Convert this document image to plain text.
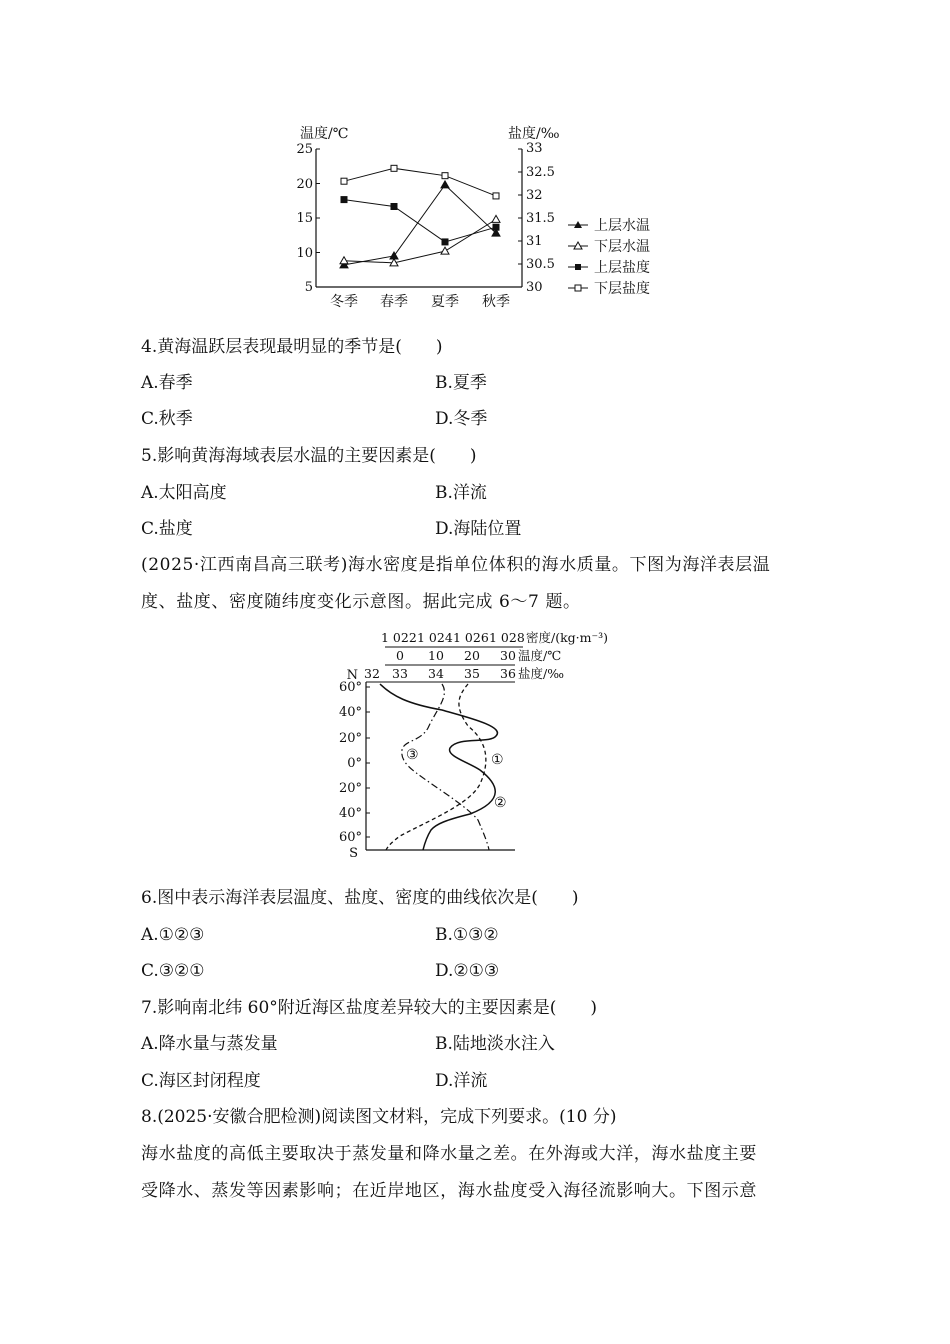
温度/℃	盐度/‰
25
20
15
10
5
33
32.5
32
31.5
31
30.5
30
冬季 春季 夏季 秋季
上层水温
下层水温
上层盐度
下层盐度
4.黄海温跃层表现最明显的季节是(　　)
A.春季	B.夏季
C.秋季	D.冬季
5.影响黄海海域表层水温的主要因素是(　　)
A.太阳高度	B.洋流
C.盐度	D.海陆位置
(2025·江西南昌高三联考)海水密度是指单位体积的海水质量。下图为海洋表层温
度、盐度、密度随纬度变化示意图。据此完成 6～7 题。
1 022 1 024 1 026 1 028 密度/(kg·m⁻³)
0 10 20 30 温度/℃
32 33 34 35 36 盐度/‰
N
60°
40°
20°
0°
20°
40°
60°
S
①
②
③
6.图中表示海洋表层温度、盐度、密度的曲线依次是(　　)
A.①②③	B.①③②
C.③②①	D.②①③
7.影响南北纬 60°附近海区盐度差异较大的主要因素是(　　)
A.降水量与蒸发量	B.陆地淡水注入
C.海区封闭程度	D.洋流
8.(2025·安徽合肥检测)阅读图文材料，完成下列要求。(10 分)
海水盐度的高低主要取决于蒸发量和降水量之差。在外海或大洋，海水盐度主要
受降水、蒸发等因素影响；在近岸地区，海水盐度受入海径流影响大。下图示意
